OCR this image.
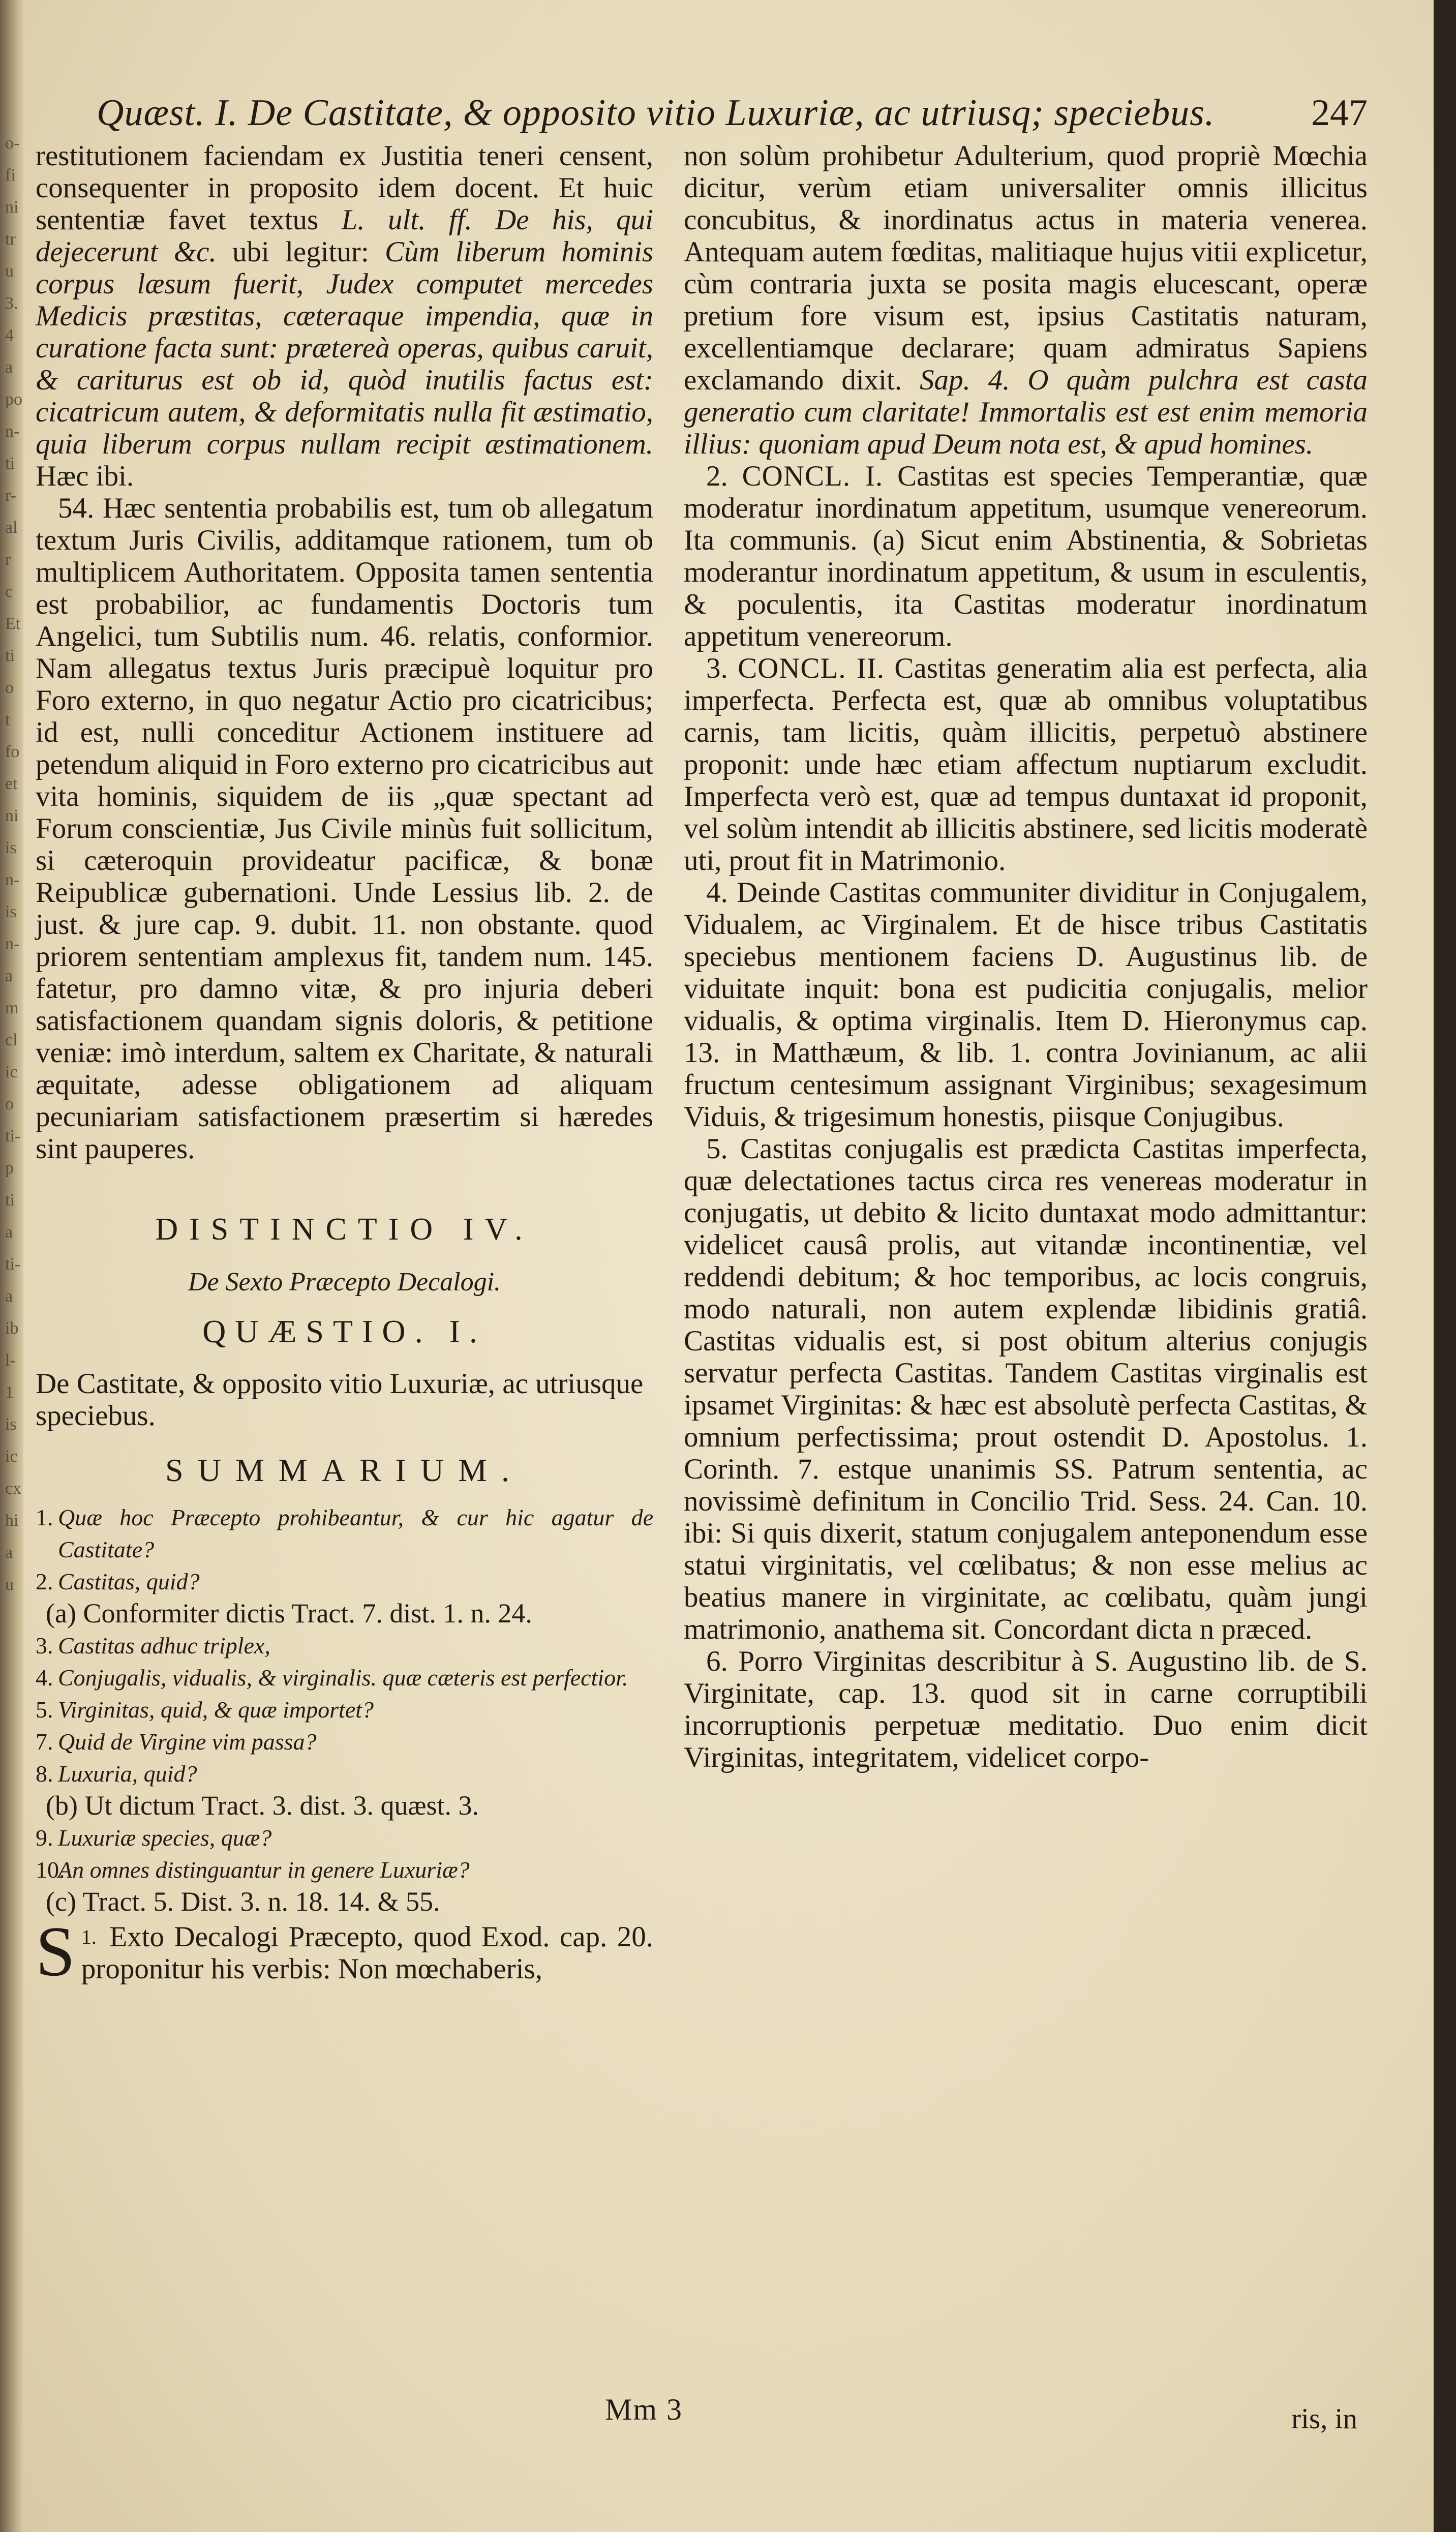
o-
fi
ni
tr
u
3.
4
a
po
n-
ti
r-
al
r
c
Et
ti
o
t
fo
et
ni
is
n-
is
n-
a
m
cl
ic
o
ti-
p
ti
a
ti-
a
ib
l-
1
is
ic
cx
hi
a
u
Quæst. I. De Castitate, & opposito vitio Luxuriæ, ac utriusq; speciebus.	247

restitutionem faciendam ex Justitia teneri censent, consequenter in proposito idem docent. Et huic sententiæ favet textus L. ult. ff. De his, qui dejecerunt &c. ubi legitur: Cùm liberum hominis corpus læsum fuerit, Judex computet mercedes Medicis præstitas, cæteraque impendia, quæ in curatione facta sunt: prætereà operas, quibus caruit, & cariturus est ob id, quòd inutilis factus est: cicatricum autem, & deformitatis nulla fit æstimatio, quia liberum corpus nullam recipit æstimationem. Hæc ibi.

54. Hæc sententia probabilis est, tum ob allegatum textum Juris Civilis, additamque rationem, tum ob multiplicem Authoritatem. Opposita tamen sententia est probabilior, ac fundamentis Doctoris tum Angelici, tum Subtilis num. 46. relatis, conformior. Nam allegatus textus Juris præcipuè loquitur pro Foro externo, in quo negatur Actio pro cicatricibus; id est, nulli conceditur Actionem instituere ad petendum aliquid in Foro externo pro cicatricibus aut vita hominis, siquidem de iis „quæ spectant ad Forum conscientiæ, Jus Civile minùs fuit sollicitum, si cæteroquin provideatur pacificæ, & bonæ Reipublicæ gubernationi. Unde Lessius lib. 2. de just. & jure cap. 9. dubit. 11. non obstante. quod priorem sententiam amplexus fit, tandem num. 145. fatetur, pro damno vitæ, & pro injuria deberi satisfactionem quandam signis doloris, & petitione veniæ: imò interdum, saltem ex Charitate, & naturali æquitate, adesse obligationem ad aliquam pecuniariam satisfactionem præsertim si hæredes sint pauperes.

DISTINCTIO IV.
De Sexto Præcepto Decalogi.
QUÆSTIO. I.
De Castitate, & opposito vitio Luxuriæ, ac utriusque speciebus.
SUMMARIUM.
1. Quæ hoc Præcepto prohibeantur, & cur hic agatur de Castitate?
2. Castitas, quid?
(a) Conformiter dictis Tract. 7. dist. 1. n. 24.
3. Castitas adhuc triplex,
4. Conjugalis, vidualis, & virginalis. quæ cæteris est perfectior.
5. Virginitas, quid, & quæ importet?
7. Quid de Virgine vim passa?
8. Luxuria, quid?
(b) Ut dictum Tract. 3. dist. 3. quæst. 3.
9. Luxuriæ species, quæ?
10.An omnes distinguantur in genere Luxuriæ?
(c) Tract. 5. Dist. 3. n. 18. 14. & 55.

$^{1.}$
S Exto Decalogi Præcepto, quod Exod. cap. 20. proponitur his verbis: Non mœchaberis,

non solùm prohibetur Adulterium, quod propriè Mœchia dicitur, verùm etiam universaliter omnis illicitus concubitus, & inordinatus actus in materia venerea. Antequam autem fœditas, malitiaque hujus vitii explicetur, cùm contraria juxta se posita magis elucescant, operæ pretium fore visum est, ipsius Castitatis naturam, excellentiamque declarare; quam admiratus Sapiens exclamando dixit. Sap. 4. O quàm pulchra est casta generatio cum claritate! Immortalis est est enim memoria illius: quoniam apud Deum nota est, & apud homines.

2. CONCL. I. Castitas est species Temperantiæ, quæ moderatur inordinatum appetitum, usumque venereorum. Ita communis. (a) Sicut enim Abstinentia, & Sobrietas moderantur inordinatum appetitum, & usum in esculentis, & poculentis, ita Castitas moderatur inordinatum appetitum venereorum.

3. CONCL. II. Castitas generatim alia est perfecta, alia imperfecta. Perfecta est, quæ ab omnibus voluptatibus carnis, tam licitis, quàm illicitis, perpetuò abstinere proponit: unde hæc etiam affectum nuptiarum excludit. Imperfecta verò est, quæ ad tempus duntaxat id proponit, vel solùm intendit ab illicitis abstinere, sed licitis moderatè uti, prout fit in Matrimonio.

4. Deinde Castitas communiter dividitur in Conjugalem, Vidualem, ac Virginalem. Et de hisce tribus Castitatis speciebus mentionem faciens D. Augustinus lib. de viduitate inquit: bona est pudicitia conjugalis, melior vidualis, & optima virginalis. Item D. Hieronymus cap. 13. in Matthæum, & lib. 1. contra Jovinianum, ac alii fructum centesimum assignant Virginibus; sexagesimum Viduis, & trigesimum honestis, piisque Conjugibus.

5. Castitas conjugalis est prædicta Castitas imperfecta, quæ delectationes tactus circa res venereas moderatur in conjugatis, ut debito & licito duntaxat modo admittantur: videlicet causâ prolis, aut vitandæ incontinentiæ, vel reddendi debitum; & hoc temporibus, ac locis congruis, modo naturali, non autem explendæ libidinis gratiâ. Castitas vidualis est, si post obitum alterius conjugis servatur perfecta Castitas. Tandem Castitas virginalis est ipsamet Virginitas: & hæc est absolutè perfecta Castitas, & omnium perfectissima; prout ostendit D. Apostolus. 1. Corinth. 7. estque unanimis SS. Patrum sententia, ac novissimè definitum in Concilio Trid. Sess. 24. Can. 10. ibi: Si quis dixerit, statum conjugalem anteponendum esse statui virginitatis, vel cœlibatus; & non esse melius ac beatius manere in virginitate, ac cœlibatu, quàm jungi matrimonio, anathema sit. Concordant dicta n præced.

6. Porro Virginitas describitur à S. Augustino lib. de S. Virginitate, cap. 13. quod sit in carne corruptibili incorruptionis perpetuæ meditatio. Duo enim dicit Virginitas, integritatem, videlicet corpo-

Mm 3	ris, in
